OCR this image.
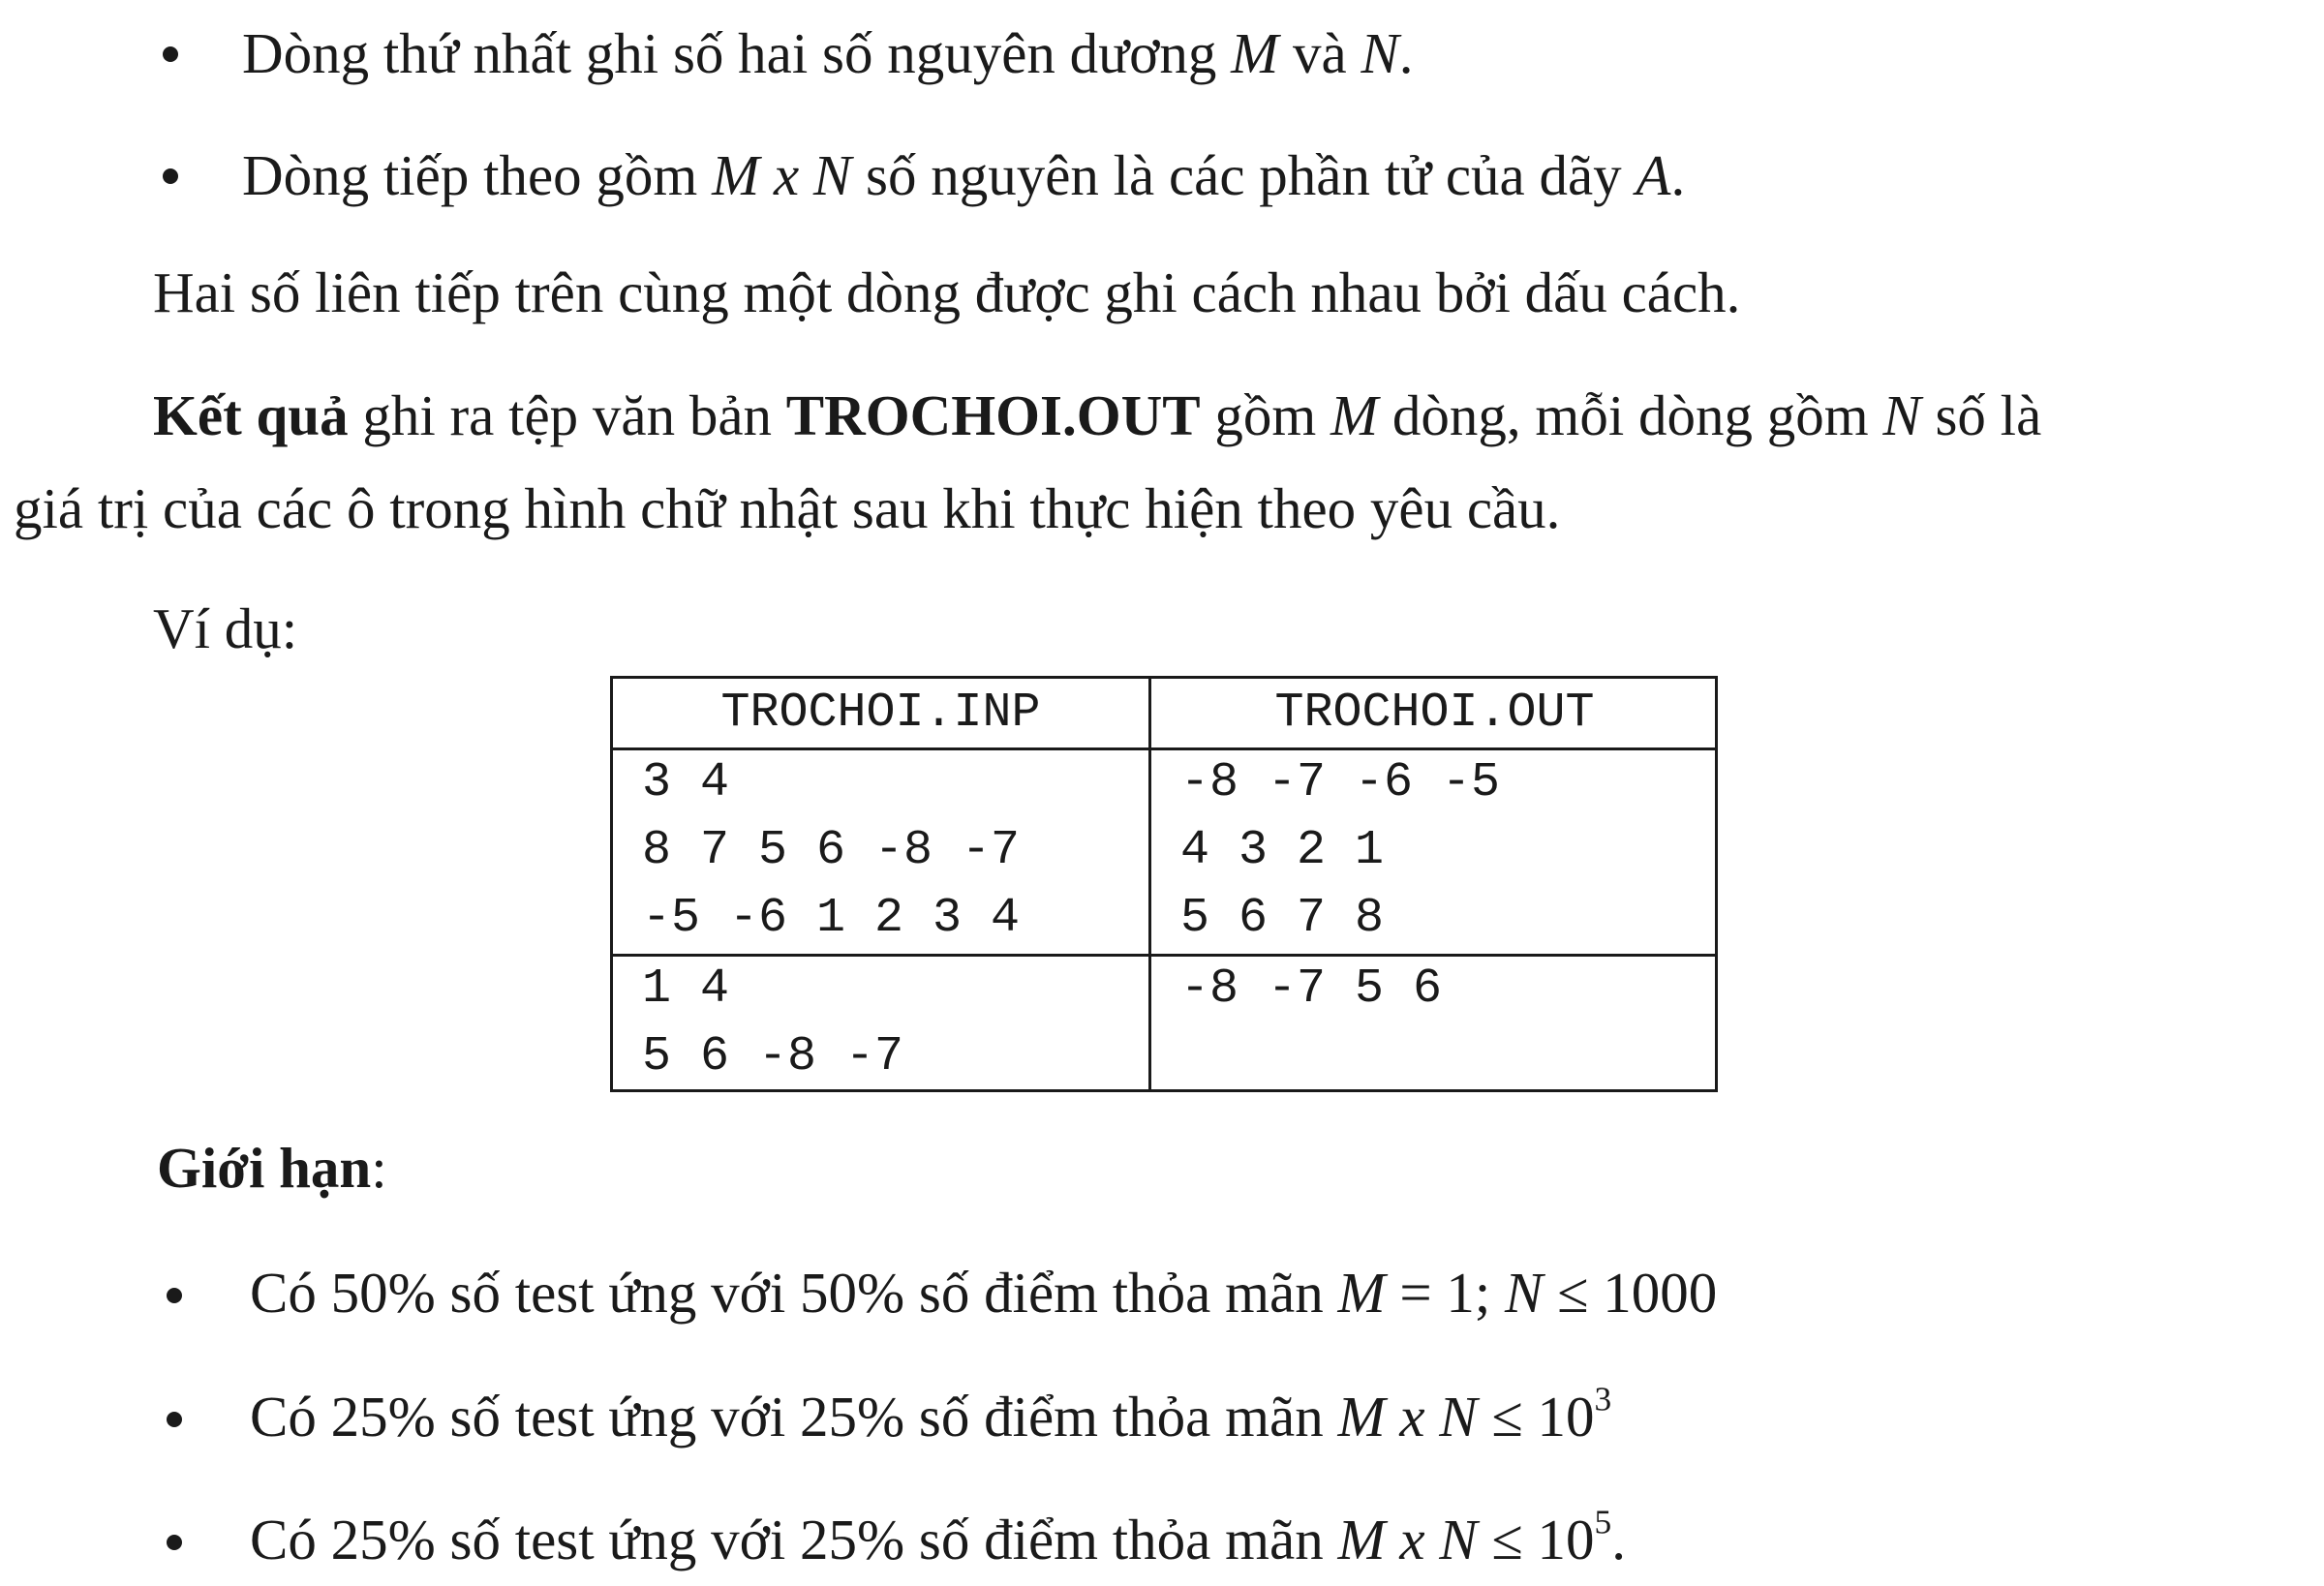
Dòng thứ nhất ghi số hai số nguyên dương M và N.
Dòng tiếp theo gồm M x N số nguyên là các phần tử của dãy A.
Hai số liên tiếp trên cùng một dòng được ghi cách nhau bởi dấu cách.
Kết quả ghi ra tệp văn bản TROCHOI.OUT gồm M dòng, mỗi dòng gồm N số là
giá trị của các ô trong hình chữ nhật sau khi thực hiện theo yêu cầu.
Ví dụ:
TROCHOI.INP	TROCHOI.OUT
3 4
8 7 5 6 -8 -7
-5 -6 1 2 3 4
-8 -7 -6 -5
4 3 2 1
5 6 7 8
1 4
5 6 -8 -7
-8 -7 5 6
Giới hạn:
Có 50% số test ứng với 50% số điểm thỏa mãn M = 1; N ≤ 1000
Có 25% số test ứng với 25% số điểm thỏa mãn M x $N \le 10^3$
Có 25% số test ứng với 25% số điểm thỏa mãn M x $N \le 10^5$.
